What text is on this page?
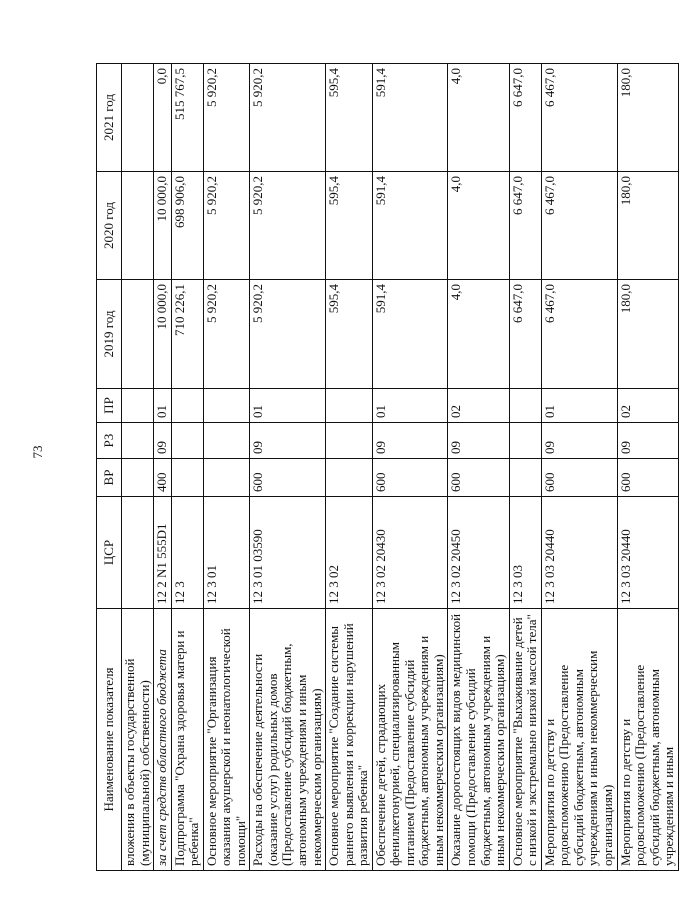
73
Наименование показателя	ЦСР	ВР	РЗ	ПР	2019 год	2020 год	2021 год
вложения в объекты государственной (муниципальной) собственности)							
за счет средств областного бюджета	12 2 N1 555D1	400	09	01	10 000,0	10 000,0	0,0
Подпрограмма "Охрана здоровья матери и ребенка"	12 3				710 226,1	698 906,0	515 767,5
Основное мероприятие "Организация оказания акушерской и неонатологической помощи"	12 3 01				5 920,2	5 920,2	5 920,2
Расходы на обеспечение деятельности (оказание услуг) родильных домов (Предоставление субсидий бюджетным, автономным учреждениям и иным некоммерческим организациям)	12 3 01 03590	600	09	01	5 920,2	5 920,2	5 920,2
Основное мероприятие "Создание системы раннего выявления и коррекции нарушений развития ребенка"	12 3 02				595,4	595,4	595,4
Обеспечение детей, страдающих фенилкетонурией, специализированным питанием (Предоставление субсидий бюджетным, автономным учреждениям и иным некоммерческим организациям)	12 3 02 20430	600	09	01	591,4	591,4	591,4
Оказание дорогостоящих видов медицинской помощи (Предоставление субсидий бюджетным, автономным учреждениям и иным некоммерческим организациям)	12 3 02 20450	600	09	02	4,0	4,0	4,0
Основное мероприятие "Выхаживание детей с низкой и экстремально низкой массой тела"	12 3 03				6 647,0	6 647,0	6 647,0
Мероприятия по детству и родовспоможению (Предоставление субсидий бюджетным, автономным учреждениям и иным некоммерческим организациям)	12 3 03 20440	600	09	01	6 467,0	6 467,0	6 467,0
Мероприятия по детству и родовспоможению (Предоставление субсидий бюджетным, автономным учреждениям и иным	12 3 03 20440	600	09	02	180,0	180,0	180,0
